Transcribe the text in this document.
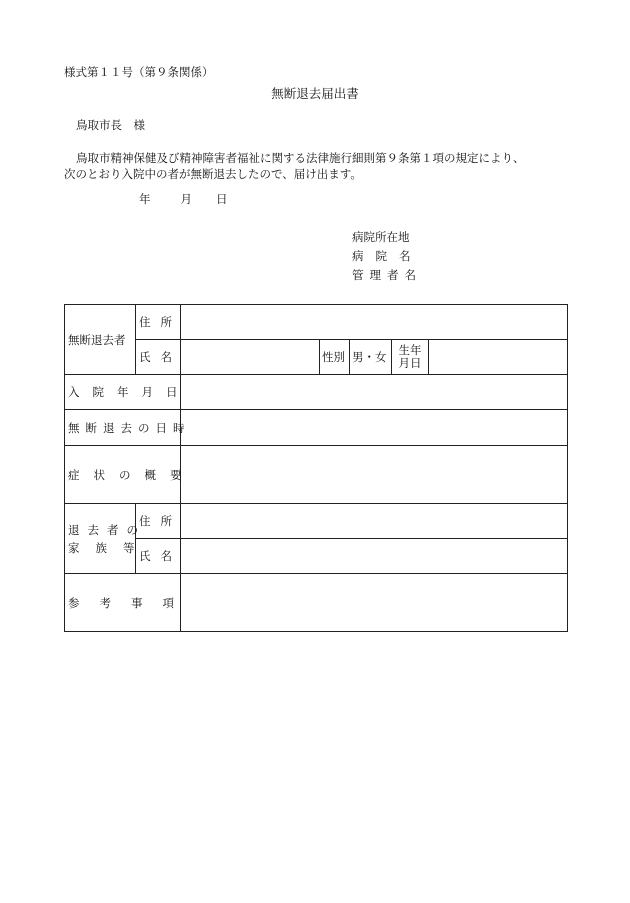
様式第１１号（第９条関係）
無断退去届出書
鳥取市長　様
鳥取市精神保健及び精神障害者福祉に関する法律施行細則第９条第１項の規定により、
次のとおり入院中の者が無断退去したので、届け出ます。
年	月 日
病院所在地
病院名
管理者名
無断退去者	住所					
	氏名		性別	男・女	生年
月日	
入院年月日						
無断退去の日時						
症状の概要						
退去者の
家族等	住所					
	氏名					
参考事項						
